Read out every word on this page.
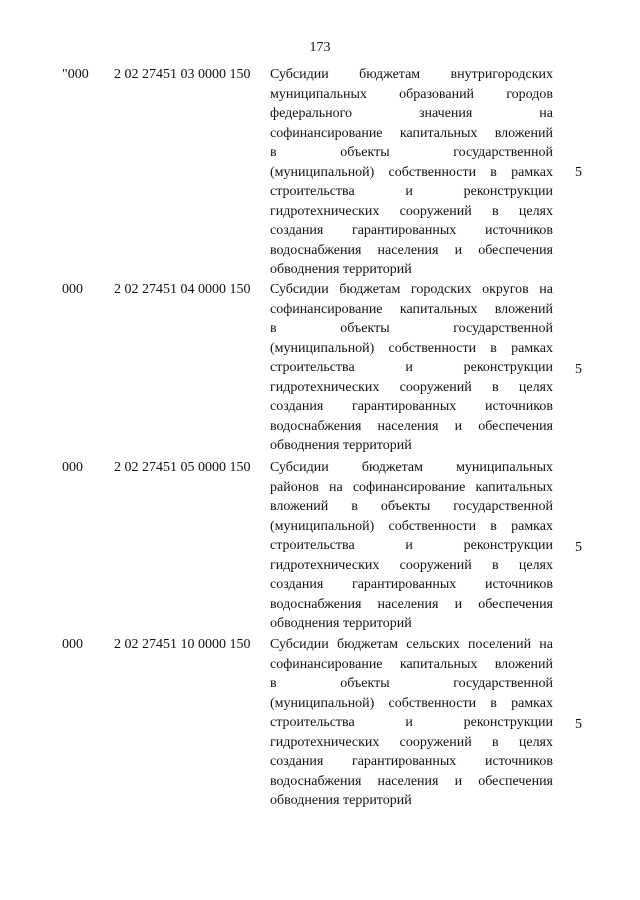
173
"000 2 02 27451 03 0000 150 Субсидии бюджетам внутригородских
муниципальных образований городов
федерального значения на
софинансирование капитальных вложений
в объекты государственной
(муниципальной) собственности в рамках
строительства и реконструкции
гидротехнических сооружений в целях
создания гарантированных источников
водоснабжения населения и обеспечения
обводнения территорий
5
000 2 02 27451 04 0000 150 Субсидии бюджетам городских округов на
софинансирование капитальных вложений
в объекты государственной
(муниципальной) собственности в рамках
строительства и реконструкции
гидротехнических сооружений в целях
создания гарантированных источников
водоснабжения населения и обеспечения
обводнения территорий
5
000 2 02 27451 05 0000 150 Субсидии бюджетам муниципальных
районов на софинансирование капитальных
вложений в объекты государственной
(муниципальной) собственности в рамках
строительства и реконструкции
гидротехнических сооружений в целях
создания гарантированных источников
водоснабжения населения и обеспечения
обводнения территорий
5
000 2 02 27451 10 0000 150 Субсидии бюджетам сельских поселений на
софинансирование капитальных вложений
в объекты государственной
(муниципальной) собственности в рамках
строительства и реконструкции
гидротехнических сооружений в целях
создания гарантированных источников
водоснабжения населения и обеспечения
обводнения территорий
5
